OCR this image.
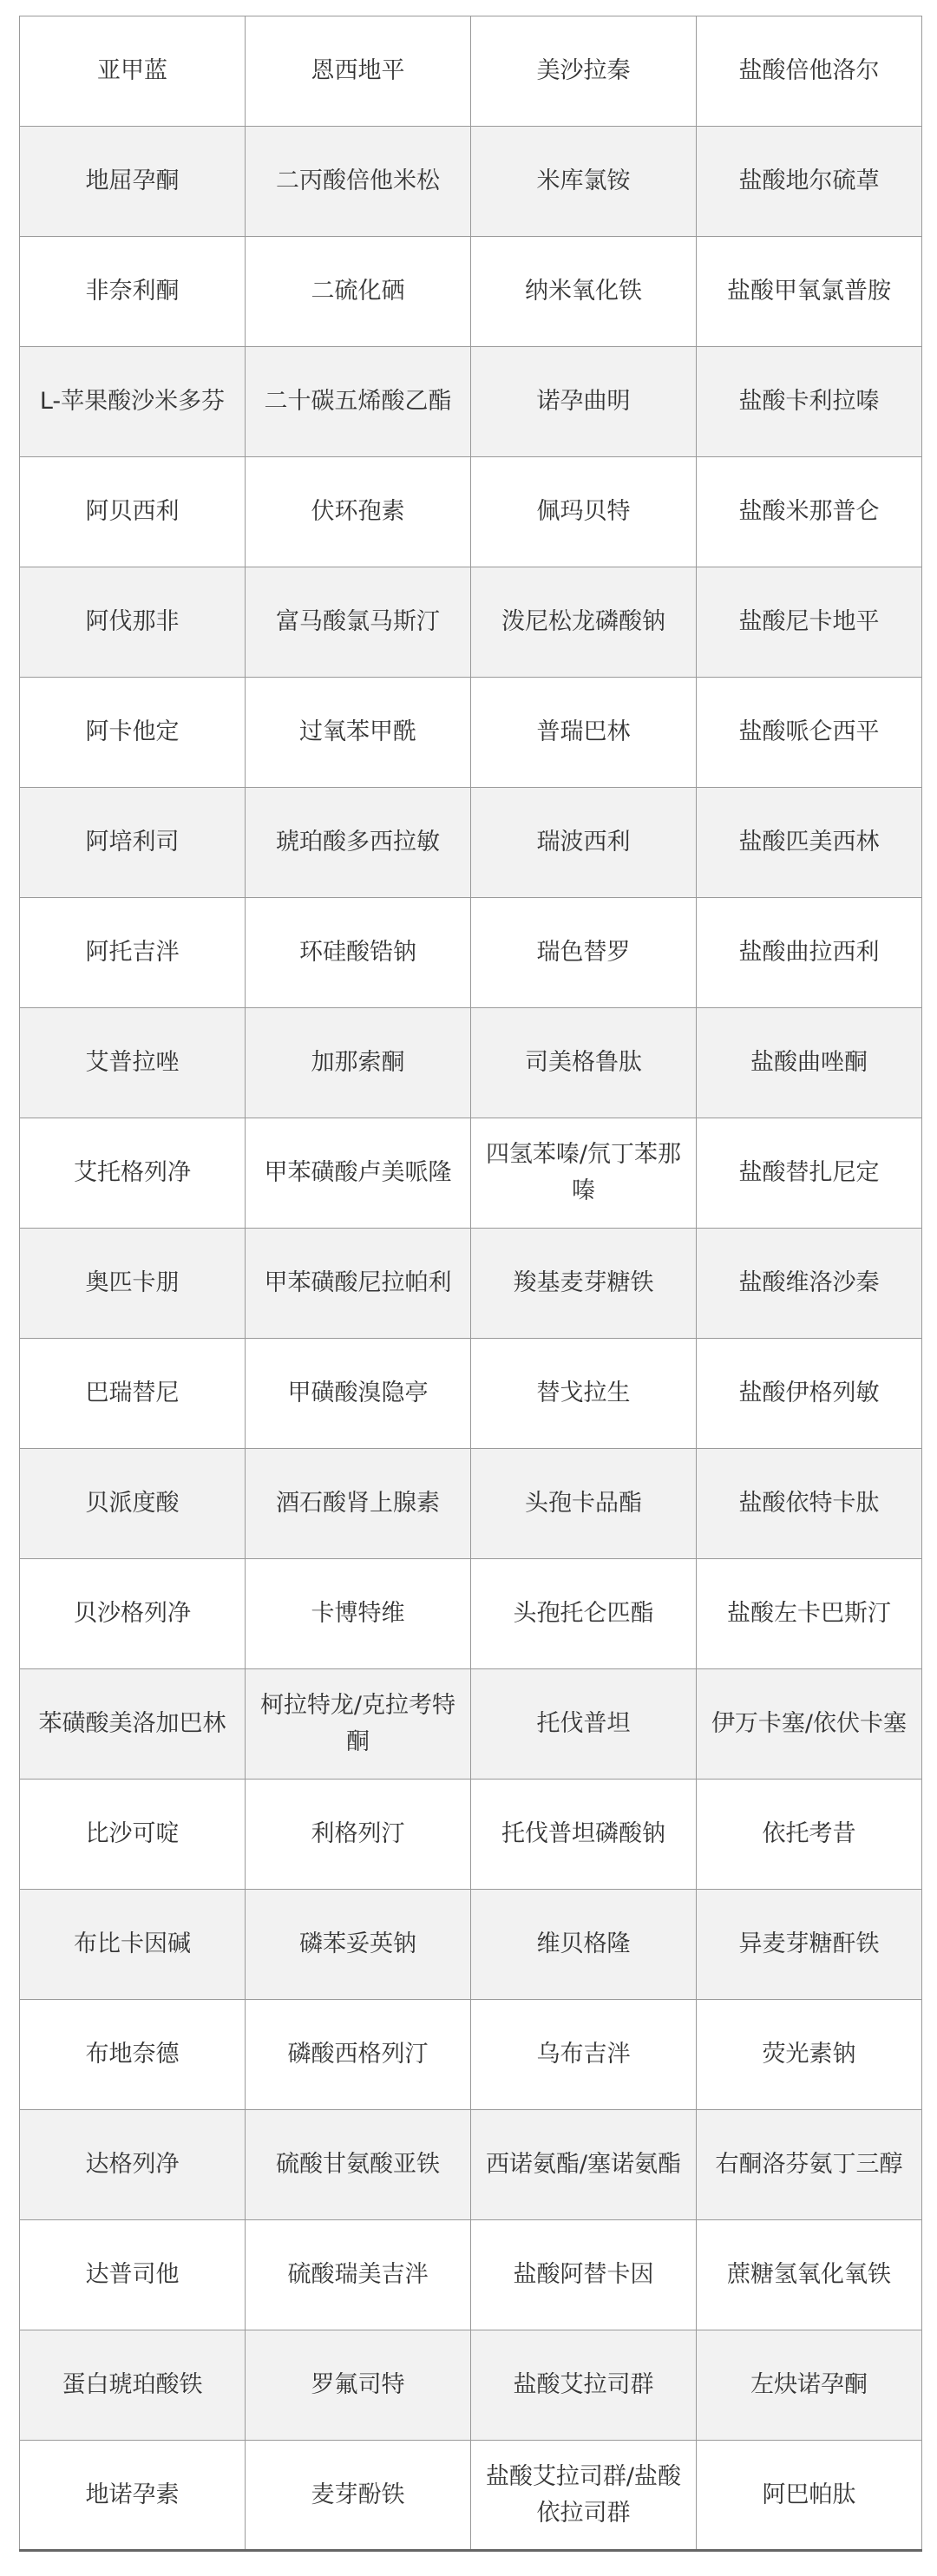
亚甲蓝	恩西地平	美沙拉秦	盐酸倍他洛尔
地屈孕酮	二丙酸倍他米松	米库氯铵	盐酸地尔硫䓬
非奈利酮	二硫化硒	纳米氧化铁	盐酸甲氧氯普胺
L-苹果酸沙米多芬	二十碳五烯酸乙酯	诺孕曲明	盐酸卡利拉嗪
阿贝西利	伏环孢素	佩玛贝特	盐酸米那普仑
阿伐那非	富马酸氯马斯汀	泼尼松龙磷酸钠	盐酸尼卡地平
阿卡他定	过氧苯甲酰	普瑞巴林	盐酸哌仑西平
阿培利司	琥珀酸多西拉敏	瑞波西利	盐酸匹美西林
阿托吉泮	环硅酸锆钠	瑞色替罗	盐酸曲拉西利
艾普拉唑	加那索酮	司美格鲁肽	盐酸曲唑酮
艾托格列净	甲苯磺酸卢美哌隆	四氢苯嗪/氘丁苯那嗪	盐酸替扎尼定
奥匹卡朋	甲苯磺酸尼拉帕利	羧基麦芽糖铁	盐酸维洛沙秦
巴瑞替尼	甲磺酸溴隐亭	替戈拉生	盐酸伊格列敏
贝派度酸	酒石酸肾上腺素	头孢卡品酯	盐酸依特卡肽
贝沙格列净	卡博特维	头孢托仑匹酯	盐酸左卡巴斯汀
苯磺酸美洛加巴林	柯拉特龙/克拉考特酮	托伐普坦	伊万卡塞/依伏卡塞
比沙可啶	利格列汀	托伐普坦磷酸钠	依托考昔
布比卡因碱	磷苯妥英钠	维贝格隆	异麦芽糖酐铁
布地奈德	磷酸西格列汀	乌布吉泮	荧光素钠
达格列净	硫酸甘氨酸亚铁	西诺氨酯/塞诺氨酯	右酮洛芬氨丁三醇
达普司他	硫酸瑞美吉泮	盐酸阿替卡因	蔗糖氢氧化氧铁
蛋白琥珀酸铁	罗氟司特	盐酸艾拉司群	左炔诺孕酮
地诺孕素	麦芽酚铁	盐酸艾拉司群/盐酸依拉司群	阿巴帕肽
